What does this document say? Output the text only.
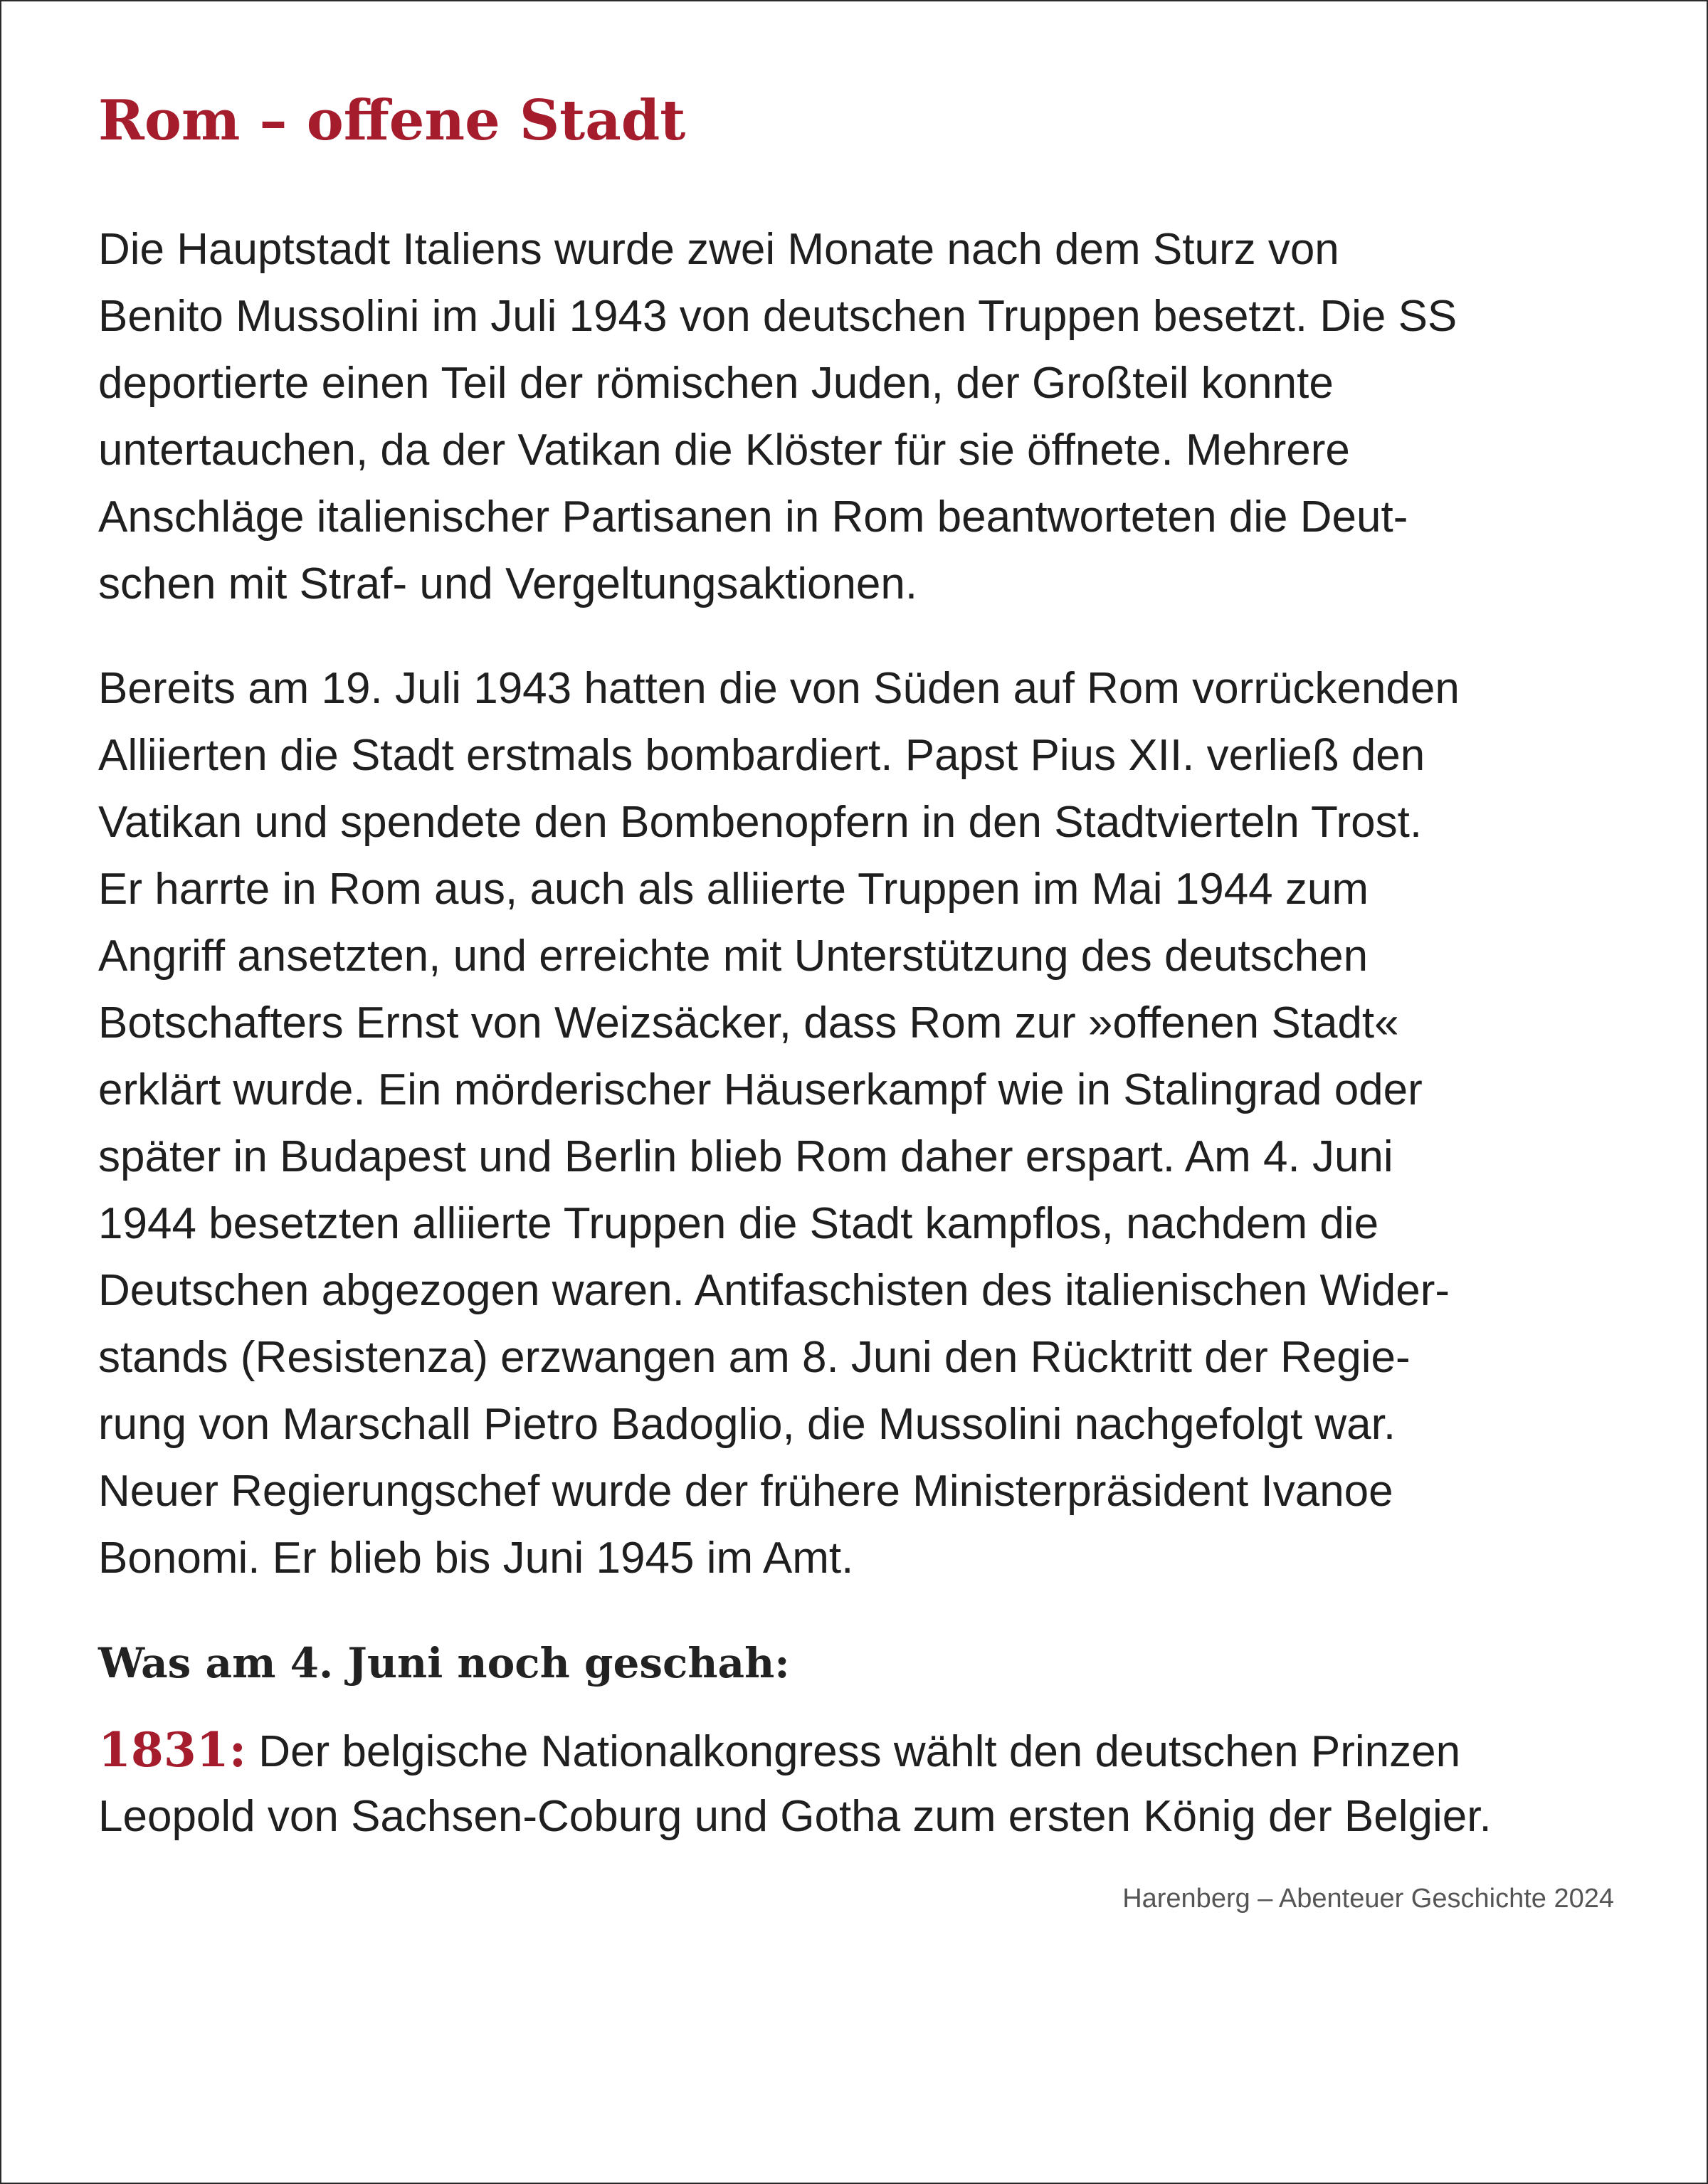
Rom – offene Stadt
Die Hauptstadt Italiens wurde zwei Monate nach dem Sturz von
Benito Mussolini im Juli 1943 von deutschen Truppen besetzt. Die SS
deportierte einen Teil der römischen Juden, der Großteil konnte
untertauchen, da der Vatikan die Klöster für sie öffnete. Mehrere
Anschläge italienischer Partisanen in Rom beantworteten die Deut-
schen mit Straf- und Vergeltungsaktionen.
Bereits am 19. Juli 1943 hatten die von Süden auf Rom vorrückenden
Alliierten die Stadt erstmals bombardiert. Papst Pius XII. verließ den
Vatikan und spendete den Bombenopfern in den Stadtvierteln Trost.
Er harrte in Rom aus, auch als alliierte Truppen im Mai 1944 zum
Angriff ansetzten, und erreichte mit Unterstützung des deutschen
Botschafters Ernst von Weizsäcker, dass Rom zur »offenen Stadt«
erklärt wurde. Ein mörderischer Häuserkampf wie in Stalingrad oder
später in Budapest und Berlin blieb Rom daher erspart. Am 4. Juni
1944 besetzten alliierte Truppen die Stadt kampflos, nachdem die
Deutschen abgezogen waren. Antifaschisten des italienischen Wider-
stands (Resistenza) erzwangen am 8. Juni den Rücktritt der Regie-
rung von Marschall Pietro Badoglio, die Mussolini nachgefolgt war.
Neuer Regierungschef wurde der frühere Ministerpräsident Ivanoe
Bonomi. Er blieb bis Juni 1945 im Amt.
Was am 4. Juni noch geschah:
1831: Der belgische Nationalkongress wählt den deutschen Prinzen
Leopold von Sachsen-Coburg und Gotha zum ersten König der Belgier.
Harenberg – Abenteuer Geschichte 2024
